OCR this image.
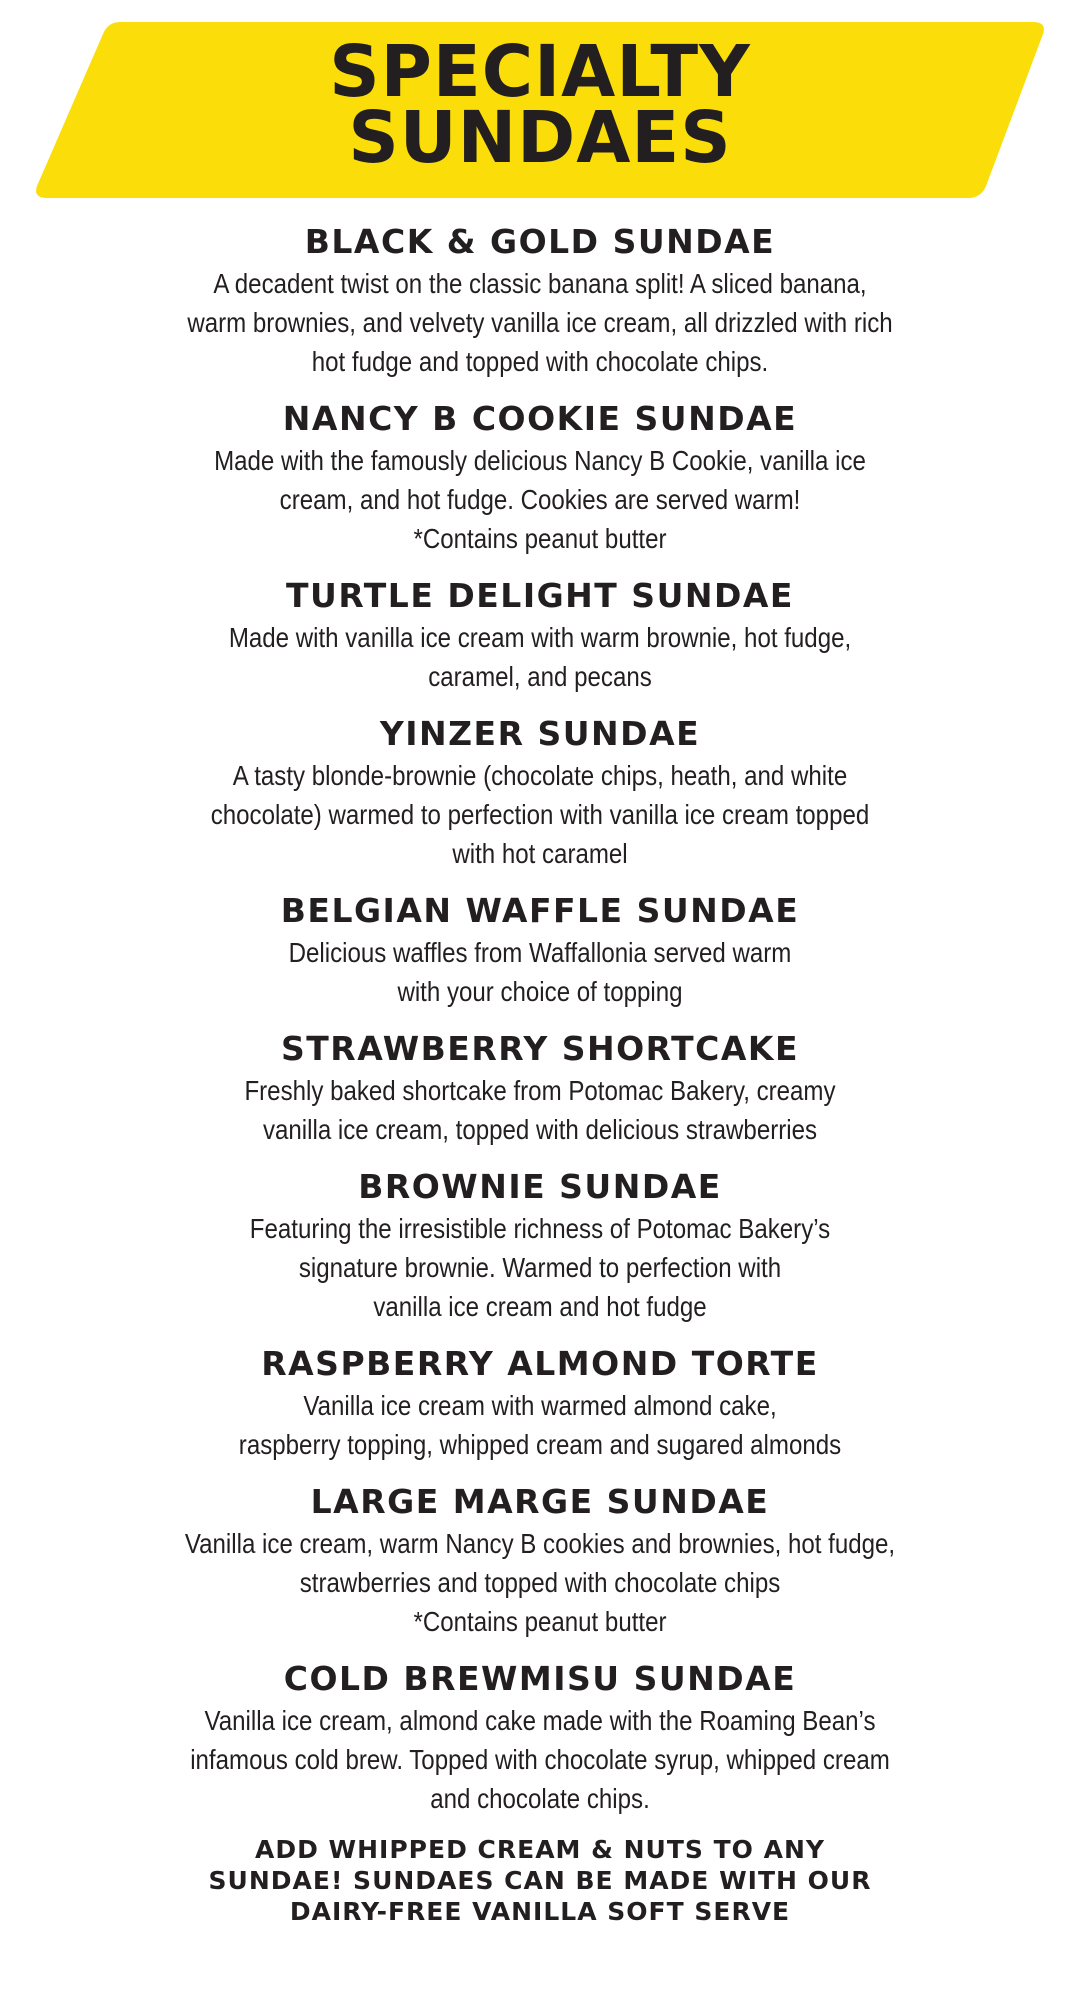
SPECIALTY
SUNDAES
BLACK & GOLD SUNDAE
A decadent twist on the classic banana split! A sliced banana,
warm brownies, and velvety vanilla ice cream, all drizzled with rich
hot fudge and topped with chocolate chips.
NANCY B COOKIE SUNDAE
Made with the famously delicious Nancy B Cookie, vanilla ice
cream, and hot fudge. Cookies are served warm!
*Contains peanut butter
TURTLE DELIGHT SUNDAE
Made with vanilla ice cream with warm brownie, hot fudge,
caramel, and pecans
YINZER SUNDAE
A tasty blonde-brownie (chocolate chips, heath, and white
chocolate) warmed to perfection with vanilla ice cream topped
with hot caramel
BELGIAN WAFFLE SUNDAE
Delicious waffles from Waffallonia served warm
with your choice of topping
STRAWBERRY SHORTCAKE
Freshly baked shortcake from Potomac Bakery, creamy
vanilla ice cream, topped with delicious strawberries
BROWNIE SUNDAE
Featuring the irresistible richness of Potomac Bakery’s
signature brownie. Warmed to perfection with
vanilla ice cream and hot fudge
RASPBERRY ALMOND TORTE
Vanilla ice cream with warmed almond cake,
raspberry topping, whipped cream and sugared almonds
LARGE MARGE SUNDAE
Vanilla ice cream, warm Nancy B cookies and brownies, hot fudge,
strawberries and topped with chocolate chips
*Contains peanut butter
COLD BREWMISU SUNDAE
Vanilla ice cream, almond cake made with the Roaming Bean’s
infamous cold brew. Topped with chocolate syrup, whipped cream
and chocolate chips.
ADD WHIPPED CREAM & NUTS TO ANY
SUNDAE! SUNDAES CAN BE MADE WITH OUR
DAIRY-FREE VANILLA SOFT SERVE
